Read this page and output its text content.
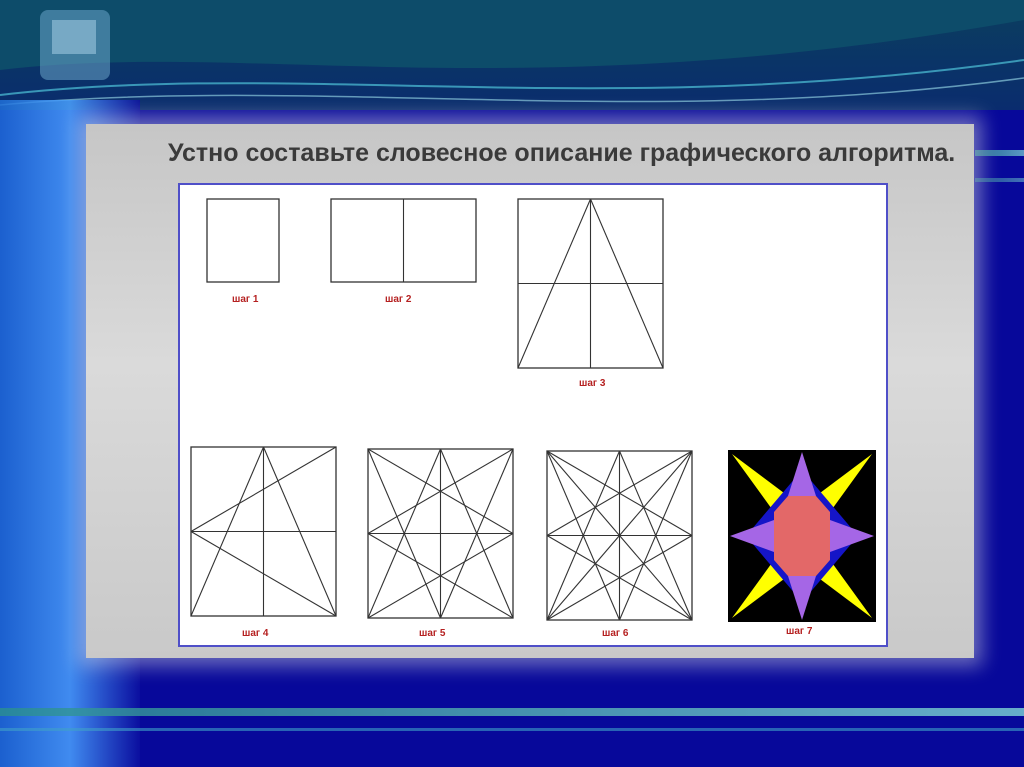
Устно составьте словесное описание графического алгоритма.
шаг 1	шаг 2
шаг 3
шаг 4	шаг 5	шаг 6	шаг 7
